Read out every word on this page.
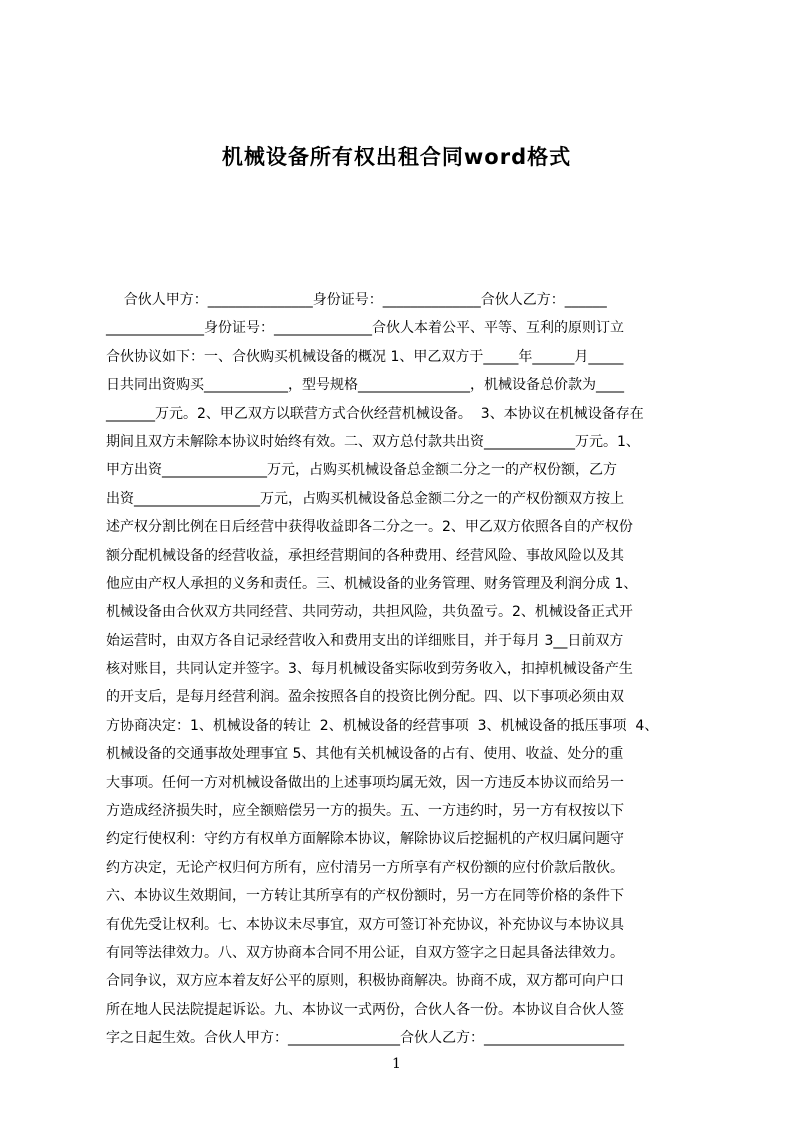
机械设备所有权出租合同word格式
合伙人甲方：_______________身份证号：______________合伙人乙方：______
______________身份证号：______________合伙人本着公平、平等、互利的原则订立
合伙协议如下：一、合伙购买机械设备的概况 1、甲乙双方于_____年______月_____
日共同出资购买____________，型号规格________________，机械设备总价款为____
_______万元。2、甲乙双方以联营方式合伙经营机械设备。  3、本协议在机械设备存在
期间且双方未解除本协议时始终有效。二、双方总付款共出资_____________万元。1、
甲方出资_______________万元，占购买机械设备总金额二分之一的产权份额，乙方
出资__________________万元，占购买机械设备总金额二分之一的产权份额双方按上
述产权分割比例在日后经营中获得收益即各二分之一。2、甲乙双方依照各自的产权份
额分配机械设备的经营收益，承担经营期间的各种费用、经营风险、事故风险以及其
他应由产权人承担的义务和责任。三、机械设备的业务管理、财务管理及利润分成 1、
机械设备由合伙双方共同经营、共同劳动，共担风险，共负盈亏。2、机械设备正式开
始运营时，由双方各自记录经营收入和费用支出的详细账目，并于每月 3__日前双方
核对账目，共同认定并签字。3、每月机械设备实际收到劳务收入，扣掉机械设备产生
的开支后，是每月经营利润。盈余按照各自的投资比例分配。四、以下事项必须由双
方协商决定：1、机械设备的转让  2、机械设备的经营事项  3、机械设备的抵压事项  4、
机械设备的交通事故处理事宜 5、其他有关机械设备的占有、使用、收益、处分的重
大事项。任何一方对机械设备做出的上述事项均属无效，因一方违反本协议而给另一
方造成经济损失时，应全额赔偿另一方的损失。五、一方违约时，另一方有权按以下
约定行使权利：守约方有权单方面解除本协议，解除协议后挖掘机的产权归属问题守
约方决定，无论产权归何方所有，应付清另一方所享有产权份额的应付价款后散伙。
六、本协议生效期间，一方转让其所享有的产权份额时，另一方在同等价格的条件下
有优先受让权利。七、本协议未尽事宜，双方可签订补充协议，补充协议与本协议具
有同等法律效力。八、双方协商本合同不用公证，自双方签字之日起具备法律效力。
合同争议，双方应本着友好公平的原则，积极协商解决。协商不成，双方都可向户口
所在地人民法院提起诉讼。九、本协议一式两份，合伙人各一份。本协议自合伙人签
字之日起生效。合伙人甲方：________________合伙人乙方：____________________
1
